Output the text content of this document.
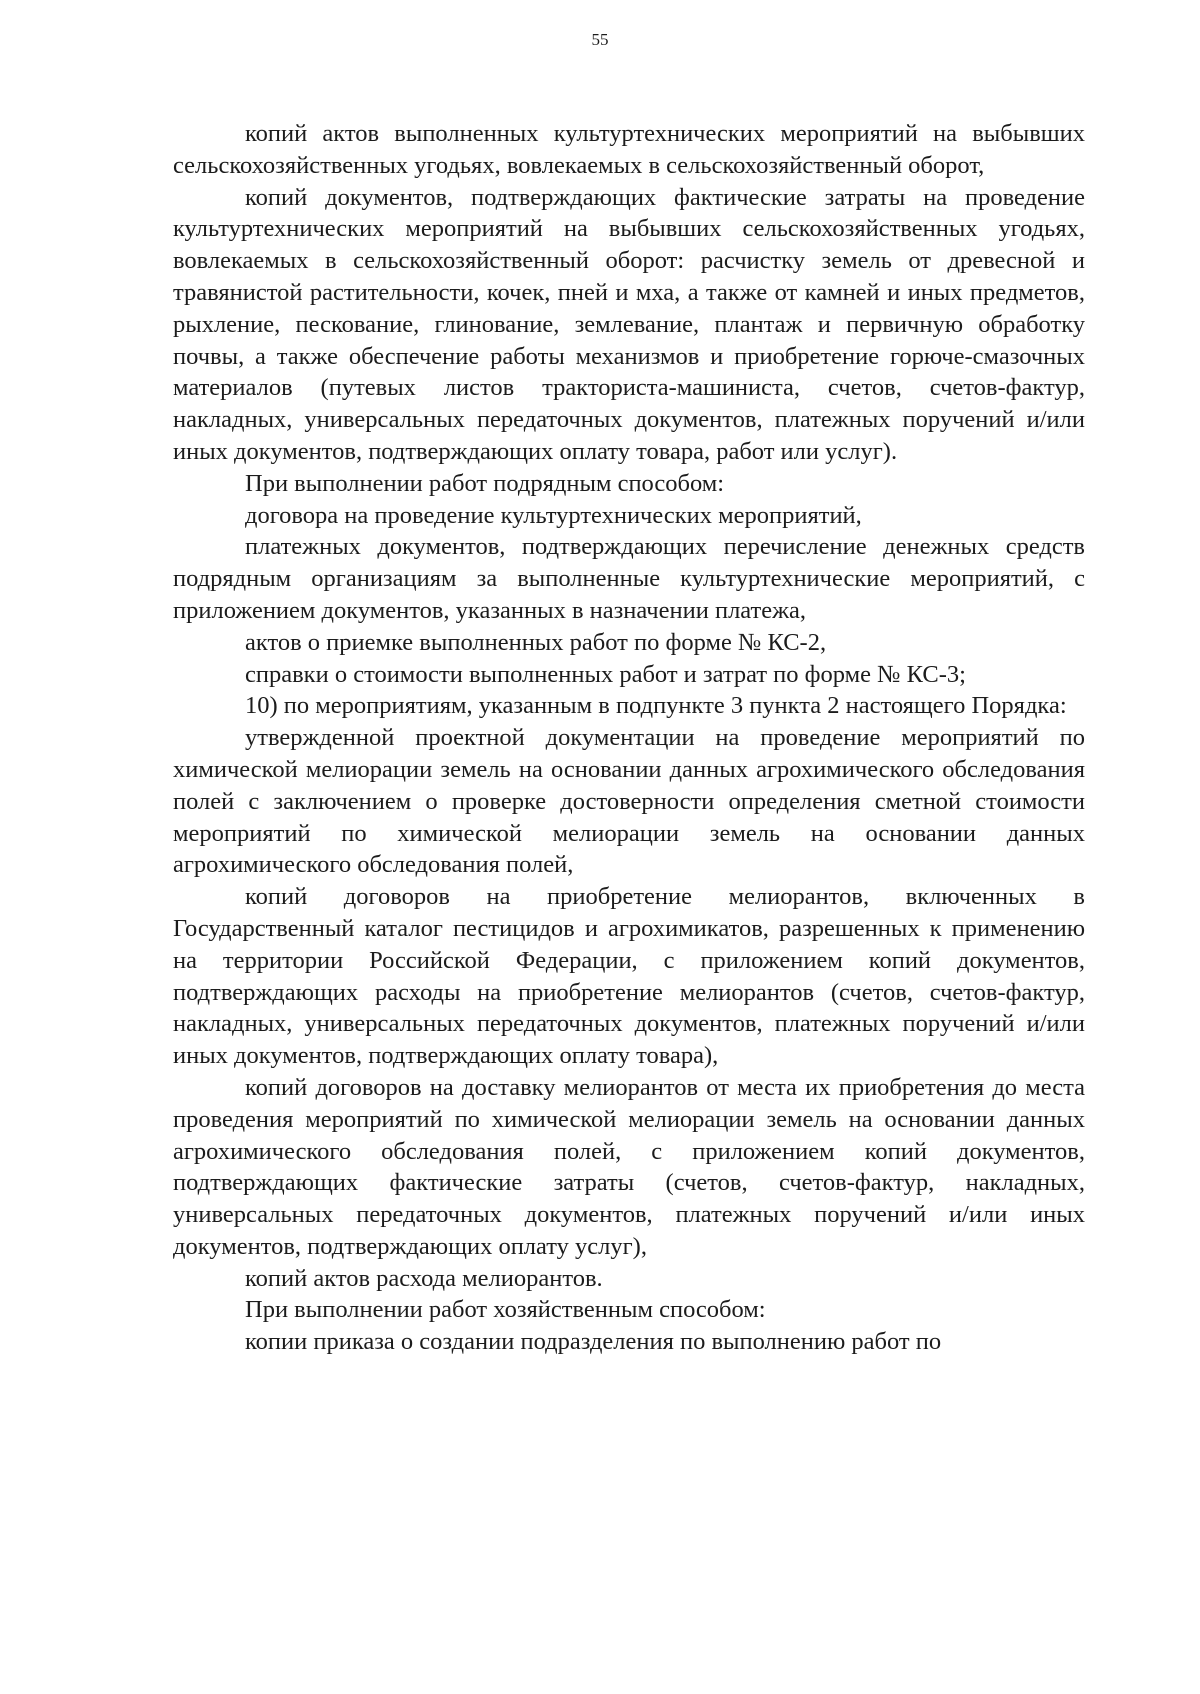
55

копий актов выполненных культуртехнических мероприятий на выбывших сельскохозяйственных угодьях, вовлекаемых в сельскохозяйственный оборот,

копий документов, подтверждающих фактические затраты на проведение культуртехнических мероприятий на выбывших сельскохозяйственных угодьях, вовлекаемых в сельскохозяйственный оборот: расчистку земель от древесной и травянистой растительности, кочек, пней и мха, а также от камней и иных предметов, рыхление, пескование, глинование, землевание, плантаж и первичную обработку почвы, а также обеспечение работы механизмов и приобретение горюче-смазочных материалов (путевых листов тракториста-машиниста, счетов, счетов-фактур, накладных, универсальных передаточных документов, платежных поручений и/или иных документов, подтверждающих оплату товара, работ или услуг).

При выполнении работ подрядным способом:

договора на проведение культуртехнических мероприятий,

платежных документов, подтверждающих перечисление денежных средств подрядным организациям за выполненные культуртехнические мероприятий, с приложением документов, указанных в назначении платежа,

актов о приемке выполненных работ по форме № КС-2,

справки о стоимости выполненных работ и затрат по форме № КС-3;

10) по мероприятиям, указанным в подпункте 3 пункта 2 настоящего Порядка:

утвержденной проектной документации на проведение мероприятий по химической мелиорации земель на основании данных агрохимического обследования полей с заключением о проверке достоверности определения сметной стоимости мероприятий по химической мелиорации земель на основании данных агрохимического обследования полей,

копий договоров на приобретение мелиорантов, включенных в Государственный каталог пестицидов и агрохимикатов, разрешенных к применению на территории Российской Федерации, с приложением копий документов, подтверждающих расходы на приобретение мелиорантов (счетов, счетов-фактур, накладных, универсальных передаточных документов, платежных поручений и/или иных документов, подтверждающих оплату товара),

копий договоров на доставку мелиорантов от места их приобретения до места проведения мероприятий по химической мелиорации земель на основании данных агрохимического обследования полей, с приложением копий документов, подтверждающих фактические затраты (счетов, счетов-фактур, накладных, универсальных передаточных документов, платежных поручений и/или иных документов, подтверждающих оплату услуг),

копий актов расхода мелиорантов.

При выполнении работ хозяйственным способом:

копии приказа о создании подразделения по выполнению работ по
